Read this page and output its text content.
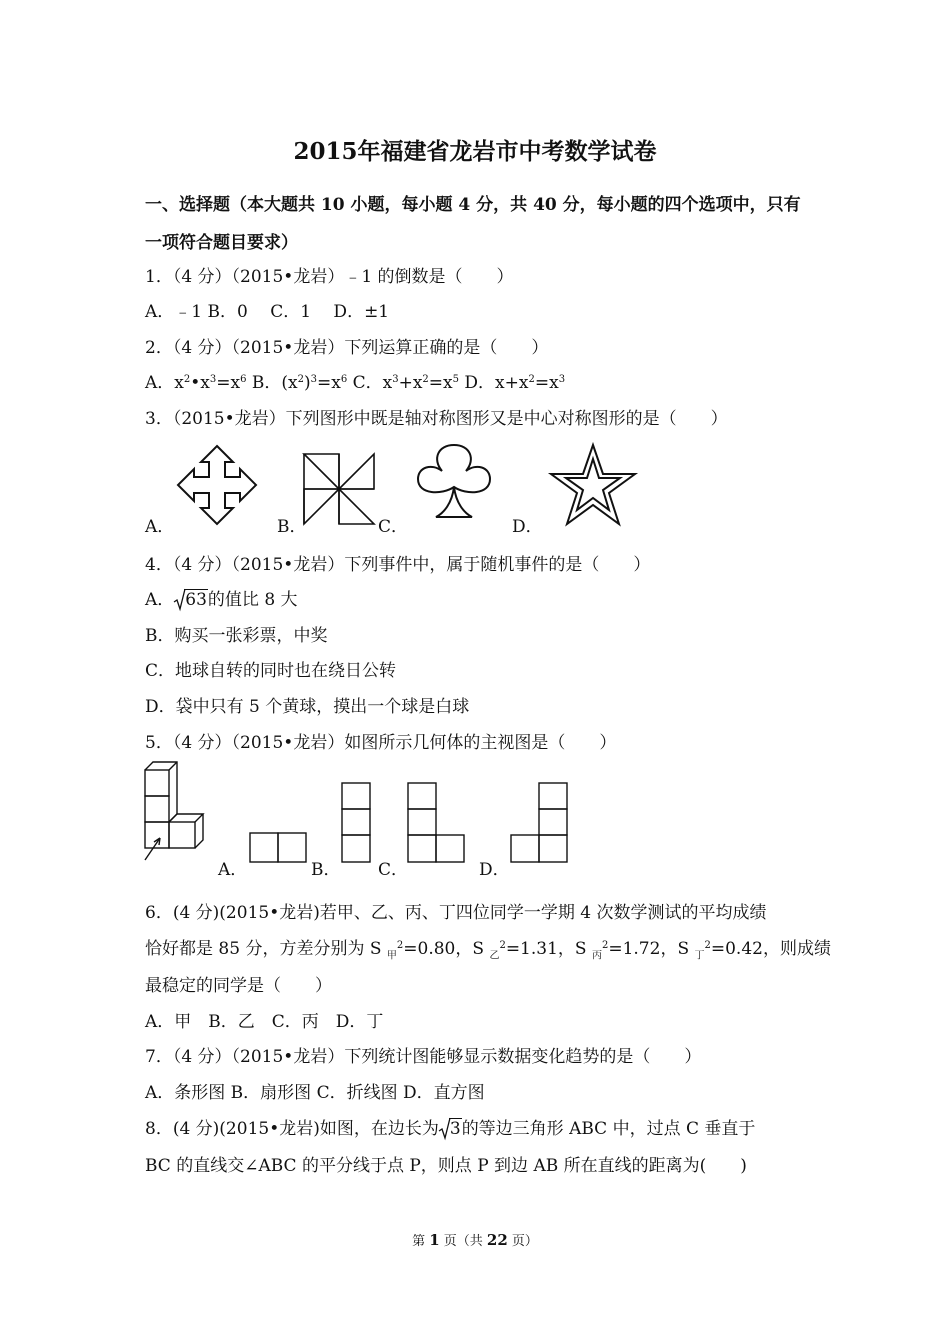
2015年福建省龙岩市中考数学试卷
一、选择题（本大题共 10 小题，每小题 4 分，共 40 分，每小题的四个选项中，只有
一项符合题目要求）
1．（4 分）（2015•龙岩）﹣1 的倒数是（　　）
A．﹣1 B．0　 C．1　 D．±1
2．（4 分）（2015•龙岩）下列运算正确的是（　　）
A．$x^2•x^3=x^6$ B．$(x^2)^3=x^6$ C．$x^3+x^2=x^5$ D．$x+x^2=x^3$
3．（2015•龙岩）下列图形中既是轴对称图形又是中心对称图形的是（　　）
A．	B．	C．	D．
4．（4 分）（2015•龙岩）下列事件中，属于随机事件的是（　　）
A． 63的值比 8 大
B．购买一张彩票，中奖
C．地球自转的同时也在绕日公转
D．袋中只有 5 个黄球，摸出一个球是白球
5．（4 分）（2015•龙岩）如图所示几何体的主视图是（　　）
A．	B． C．	D．
6．(4 分)(2015•龙岩)若甲、乙、丙、丁四位同学一学期 4 次数学测试的平均成绩
恰好都是 85 分，方差分别为 S $_甲^2$=0.80，S $_乙^2$=1.31，S $_丙^2$=1.72，S $_丁^2$=0.42，则成绩
最稳定的同学是（　　）
A．甲　B．乙　C．丙　D．丁
7．（4 分）（2015•龙岩）下列统计图能够显示数据变化趋势的是（　　）
A．条形图 B．扇形图 C．折线图 D．直方图
8．(4 分)(2015•龙岩)如图，在边长为 3的等边三角形 ABC 中，过点 C 垂直于
BC 的直线交∠ABC 的平分线于点 P，则点 P 到边 AB 所在直线的距离为(　　)
第 1 页（共 22 页）
